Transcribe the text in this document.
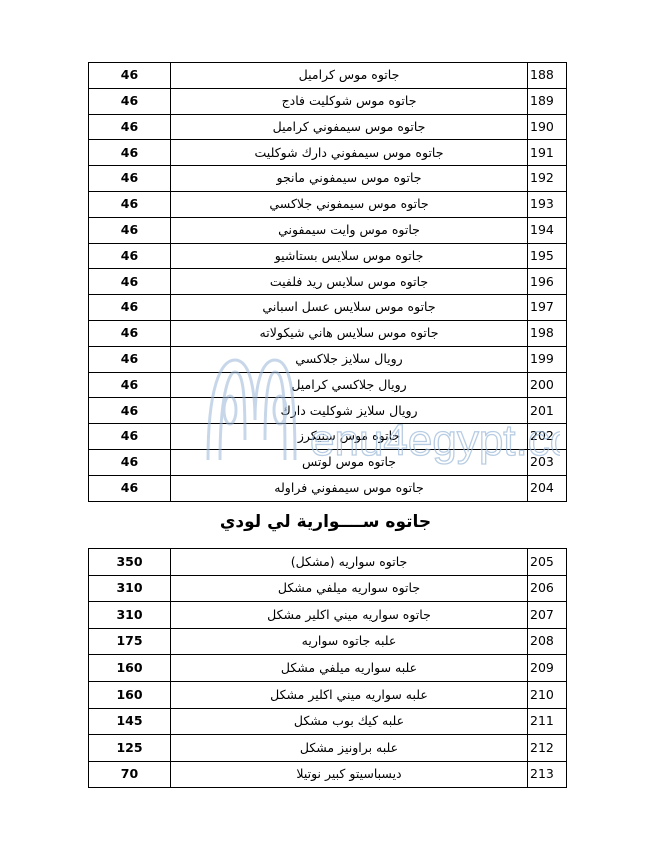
46	جاتوه موس كراميل	188
46	جاتوه موس شوكليت فادج	189
46	جاتوه موس سيمفوني كراميل	190
46	جاتوه موس سيمفوني دارك شوكليت	191
46	جاتوه موس سيمفوني مانجو	192
46	جاتوه موس سيمفوني جلاكسي	193
46	جاتوه موس وايت سيمفوني	194
46	جاتوه موس سلايس بستاشيو	195
46	جاتوه موس سلايس ريد فلفيت	196
46	جاتوه موس سلايس عسل اسباني	197
46	جاتوه موس سلايس هاني شيكولاته	198
46	رويال سلايز جلاكسي	199
46	رويال جلاكسي كراميل	200
46	رويال سلايز شوكليت دارك	201
46	جاتوه موس سنيكرز	202
46	جاتوه موس لوتس	203
46	جاتوه موس سيمفوني فراوله	204
جاتوه ســــوارية لي لودي
350	جاتوه سواريه (مشكل)	205
310	جاتوه سواريه ميلفي مشكل	206
310	جاتوه سواريه ميني اكلير مشكل	207
175	علبه جاتوه سواريه	208
160	علبه سواريه ميلفي مشكل	209
160	علبه سواريه ميني اكلير مشكل	210
145	علبه كيك بوب مشكل	211
125	علبه براونيز مشكل	212
70	ديسباسيتو كبير نوتيلا	213
enu4egypt.c
